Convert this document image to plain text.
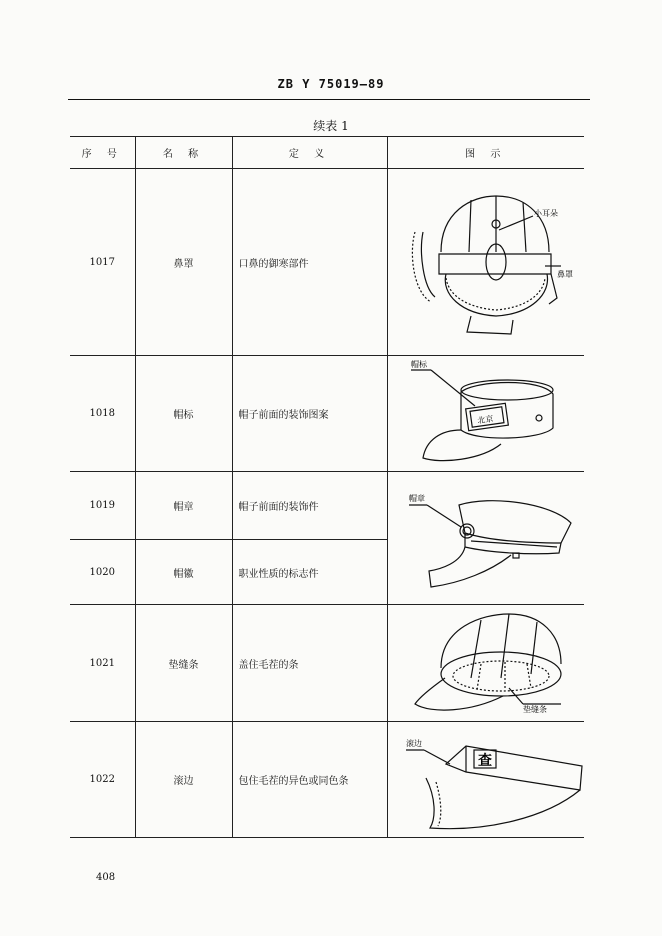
ZB Y 75019—89
续表 1
序 号	名 称	定 义	图 示
1017	鼻罩	口鼻的御寒部件	小耳朵
鼻罩

1018	帽标	帽子前面的装饰图案	帽标
北京

1019	帽章	帽子前面的装饰件	帽章

1020	帽徽	职业性质的标志件	
1021	垫缝条	盖住毛茬的条	垫缝条

1022	滚边	包住毛茬的异色或同色条	滚边
查
408
